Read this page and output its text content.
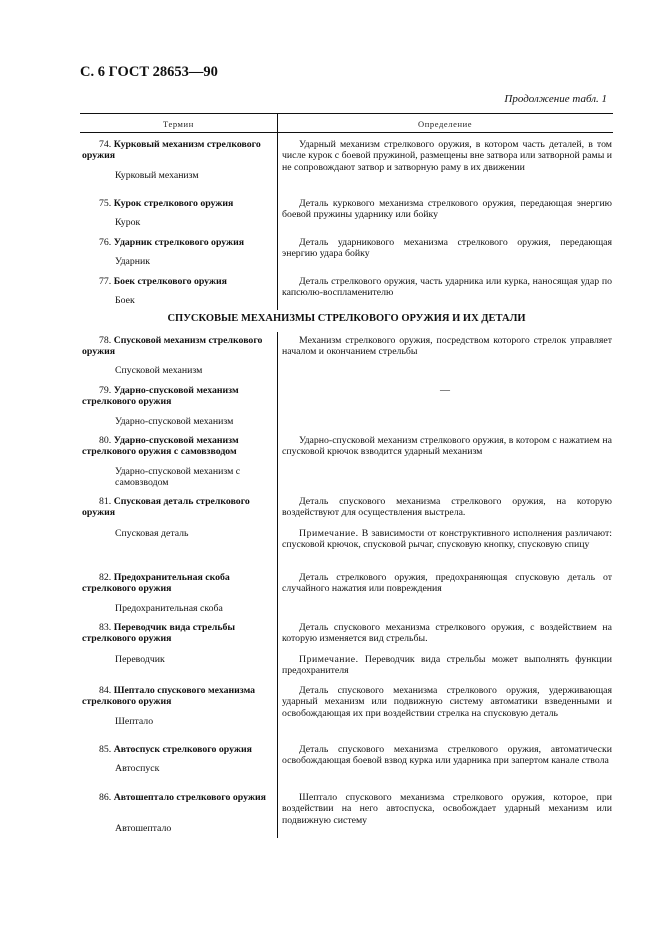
С. 6 ГОСТ 28653—90
Продолжение табл. 1
Термин	Определение
СПУСКОВЫЕ МЕХАНИЗМЫ СТРЕЛКОВОГО ОРУЖИЯ И ИХ ДЕТАЛИ
74. Курковый механизм стрелкового оружия
Курковый механизм
Ударный механизм стрелкового оружия, в котором часть деталей, в том числе курок с боевой пружиной, размещены вне затвора или затворной рамы и не сопровождают затвор и затворную раму в их движении
75. Курок стрелкового оружия
Курок
Деталь куркового механизма стрелкового оружия, передающая энергию боевой пружины ударнику или бойку
76. Ударник стрелкового оружия
Ударник
Деталь ударникового механизма стрелкового оружия, передающая энергию удара бойку
77. Боек стрелкового оружия
Боек
Деталь стрелкового оружия, часть ударника или курка, наносящая удар по капсюлю-воспламенителю
78. Спусковой механизм стрелкового оружия
Спусковой механизм
Механизм стрелкового оружия, посредством которого стрелок управляет началом и окончанием стрельбы
79. Ударно-спусковой механизм стрелкового оружия
Ударно-спусковой механизм
—
80. Ударно-спусковой механизм стрелкового оружия с самовзводом
Ударно-спусковой механизм с самовзводом
Ударно-спусковой механизм стрелкового оружия, в котором с нажатием на спусковой крючок взводится ударный механизм
81. Спусковая деталь стрелкового оружия
Спусковая деталь
Деталь спускового механизма стрелкового оружия, на которую воздействуют для осуществления выстрела.
Примечание. В зависимости от конструктивного исполнения различают: спусковой крючок, спусковой рычаг, спусковую кнопку, спусковую спицу
82. Предохранительная скоба стрелкового оружия
Предохранительная скоба
Деталь стрелкового оружия, предохраняющая спусковую деталь от случайного нажатия или повреждения
83. Переводчик вида стрельбы стрелкового оружия
Переводчик
Деталь спускового механизма стрелкового оружия, с воздействием на которую изменяется вид стрельбы.
Примечание. Переводчик вида стрельбы может выполнять функции предохранителя
84. Шептало спускового механизма стрелкового оружия
Шептало
Деталь спускового механизма стрелкового оружия, удерживающая ударный механизм или подвижную систему автоматики взведенными и освобождающая их при воздействии стрелка на спусковую деталь
85. Автоспуск стрелкового оружия
Автоспуск
Деталь спускового механизма стрелкового оружия, автоматически освобождающая боевой взвод курка или ударника при запертом канале ствола
86. Автошептало стрелкового оружия
Автошептало
Шептало спускового механизма стрелкового оружия, которое, при воздействии на него автоспуска, освобождает ударный механизм или подвижную систему
